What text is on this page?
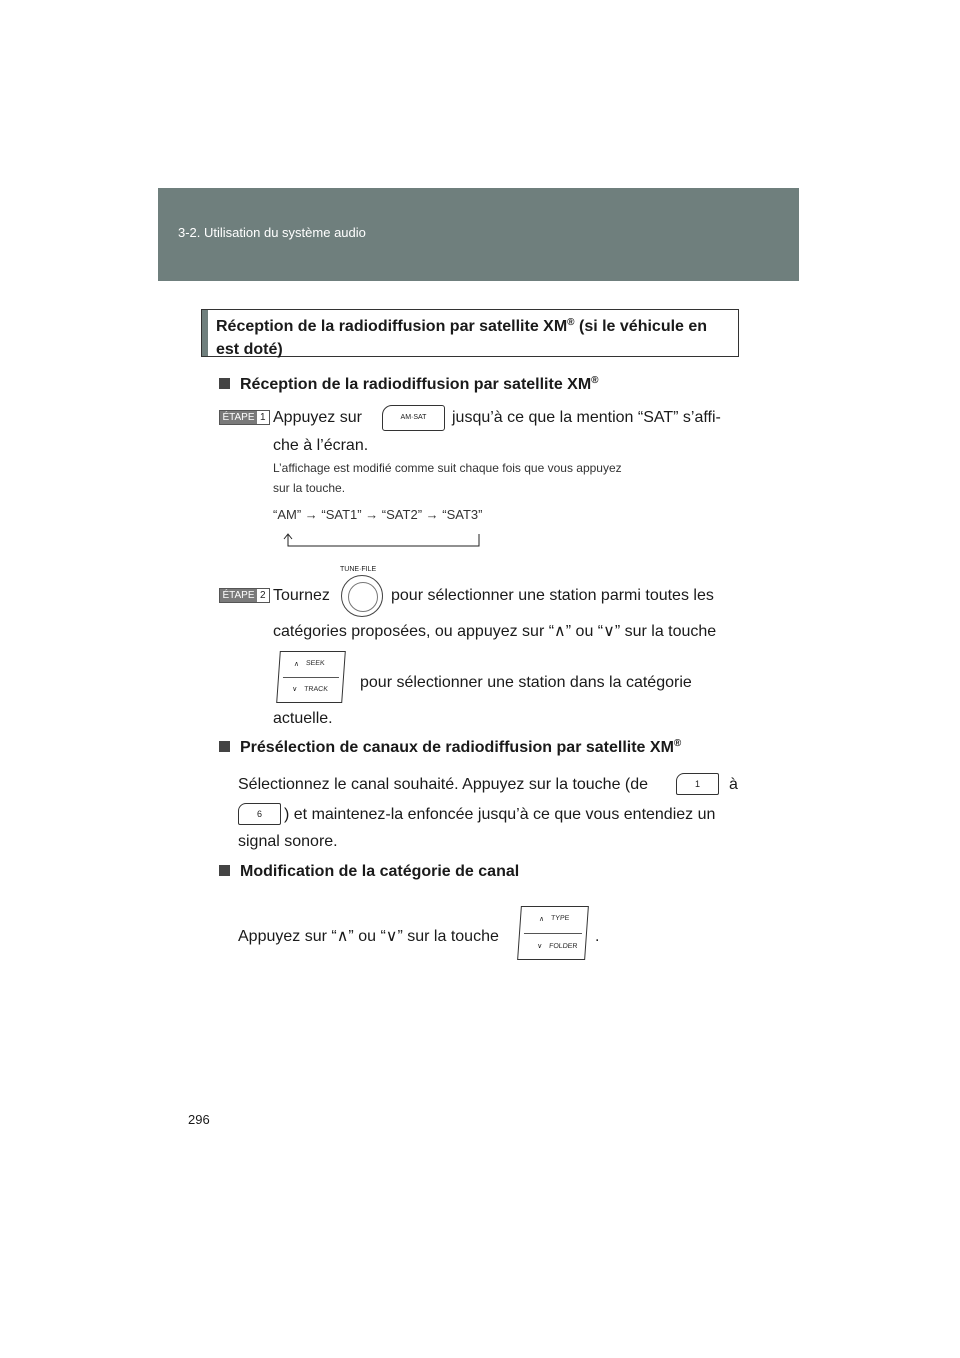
3-2. Utilisation du système audio
Réception de la radiodiffusion par satellite XM® (si le véhicule en
est doté)
Réception de la radiodiffusion par satellite XM®
ÉTAPE 1 Appuyez sur	AM·SAT	jusqu’à ce que la mention “SAT” s’affi-
che à l’écran.
L’affichage est modifié comme suit chaque fois que vous appuyez
sur la touche.
“AM” → “SAT1” → “SAT2” → “SAT3”
TUNE·FILE
ÉTAPE 2 Tournez	pour sélectionner une station parmi toutes les
catégories proposées, ou appuyez sur “∧” ou “∨” sur la touche
∧ SEEK
∨ TRACK pour sélectionner une station dans la catégorie
actuelle.
Présélection de canaux de radiodiffusion par satellite XM®
Sélectionnez le canal souhaité. Appuyez sur la touche (de	1	à
6	) et maintenez-la enfoncée jusqu’à ce que vous entendiez un
signal sonore.
Modification de la catégorie de canal
Appuyez sur “∧” ou “∨” sur la touche
∧ TYPE
∨ FOLDER
.
296
